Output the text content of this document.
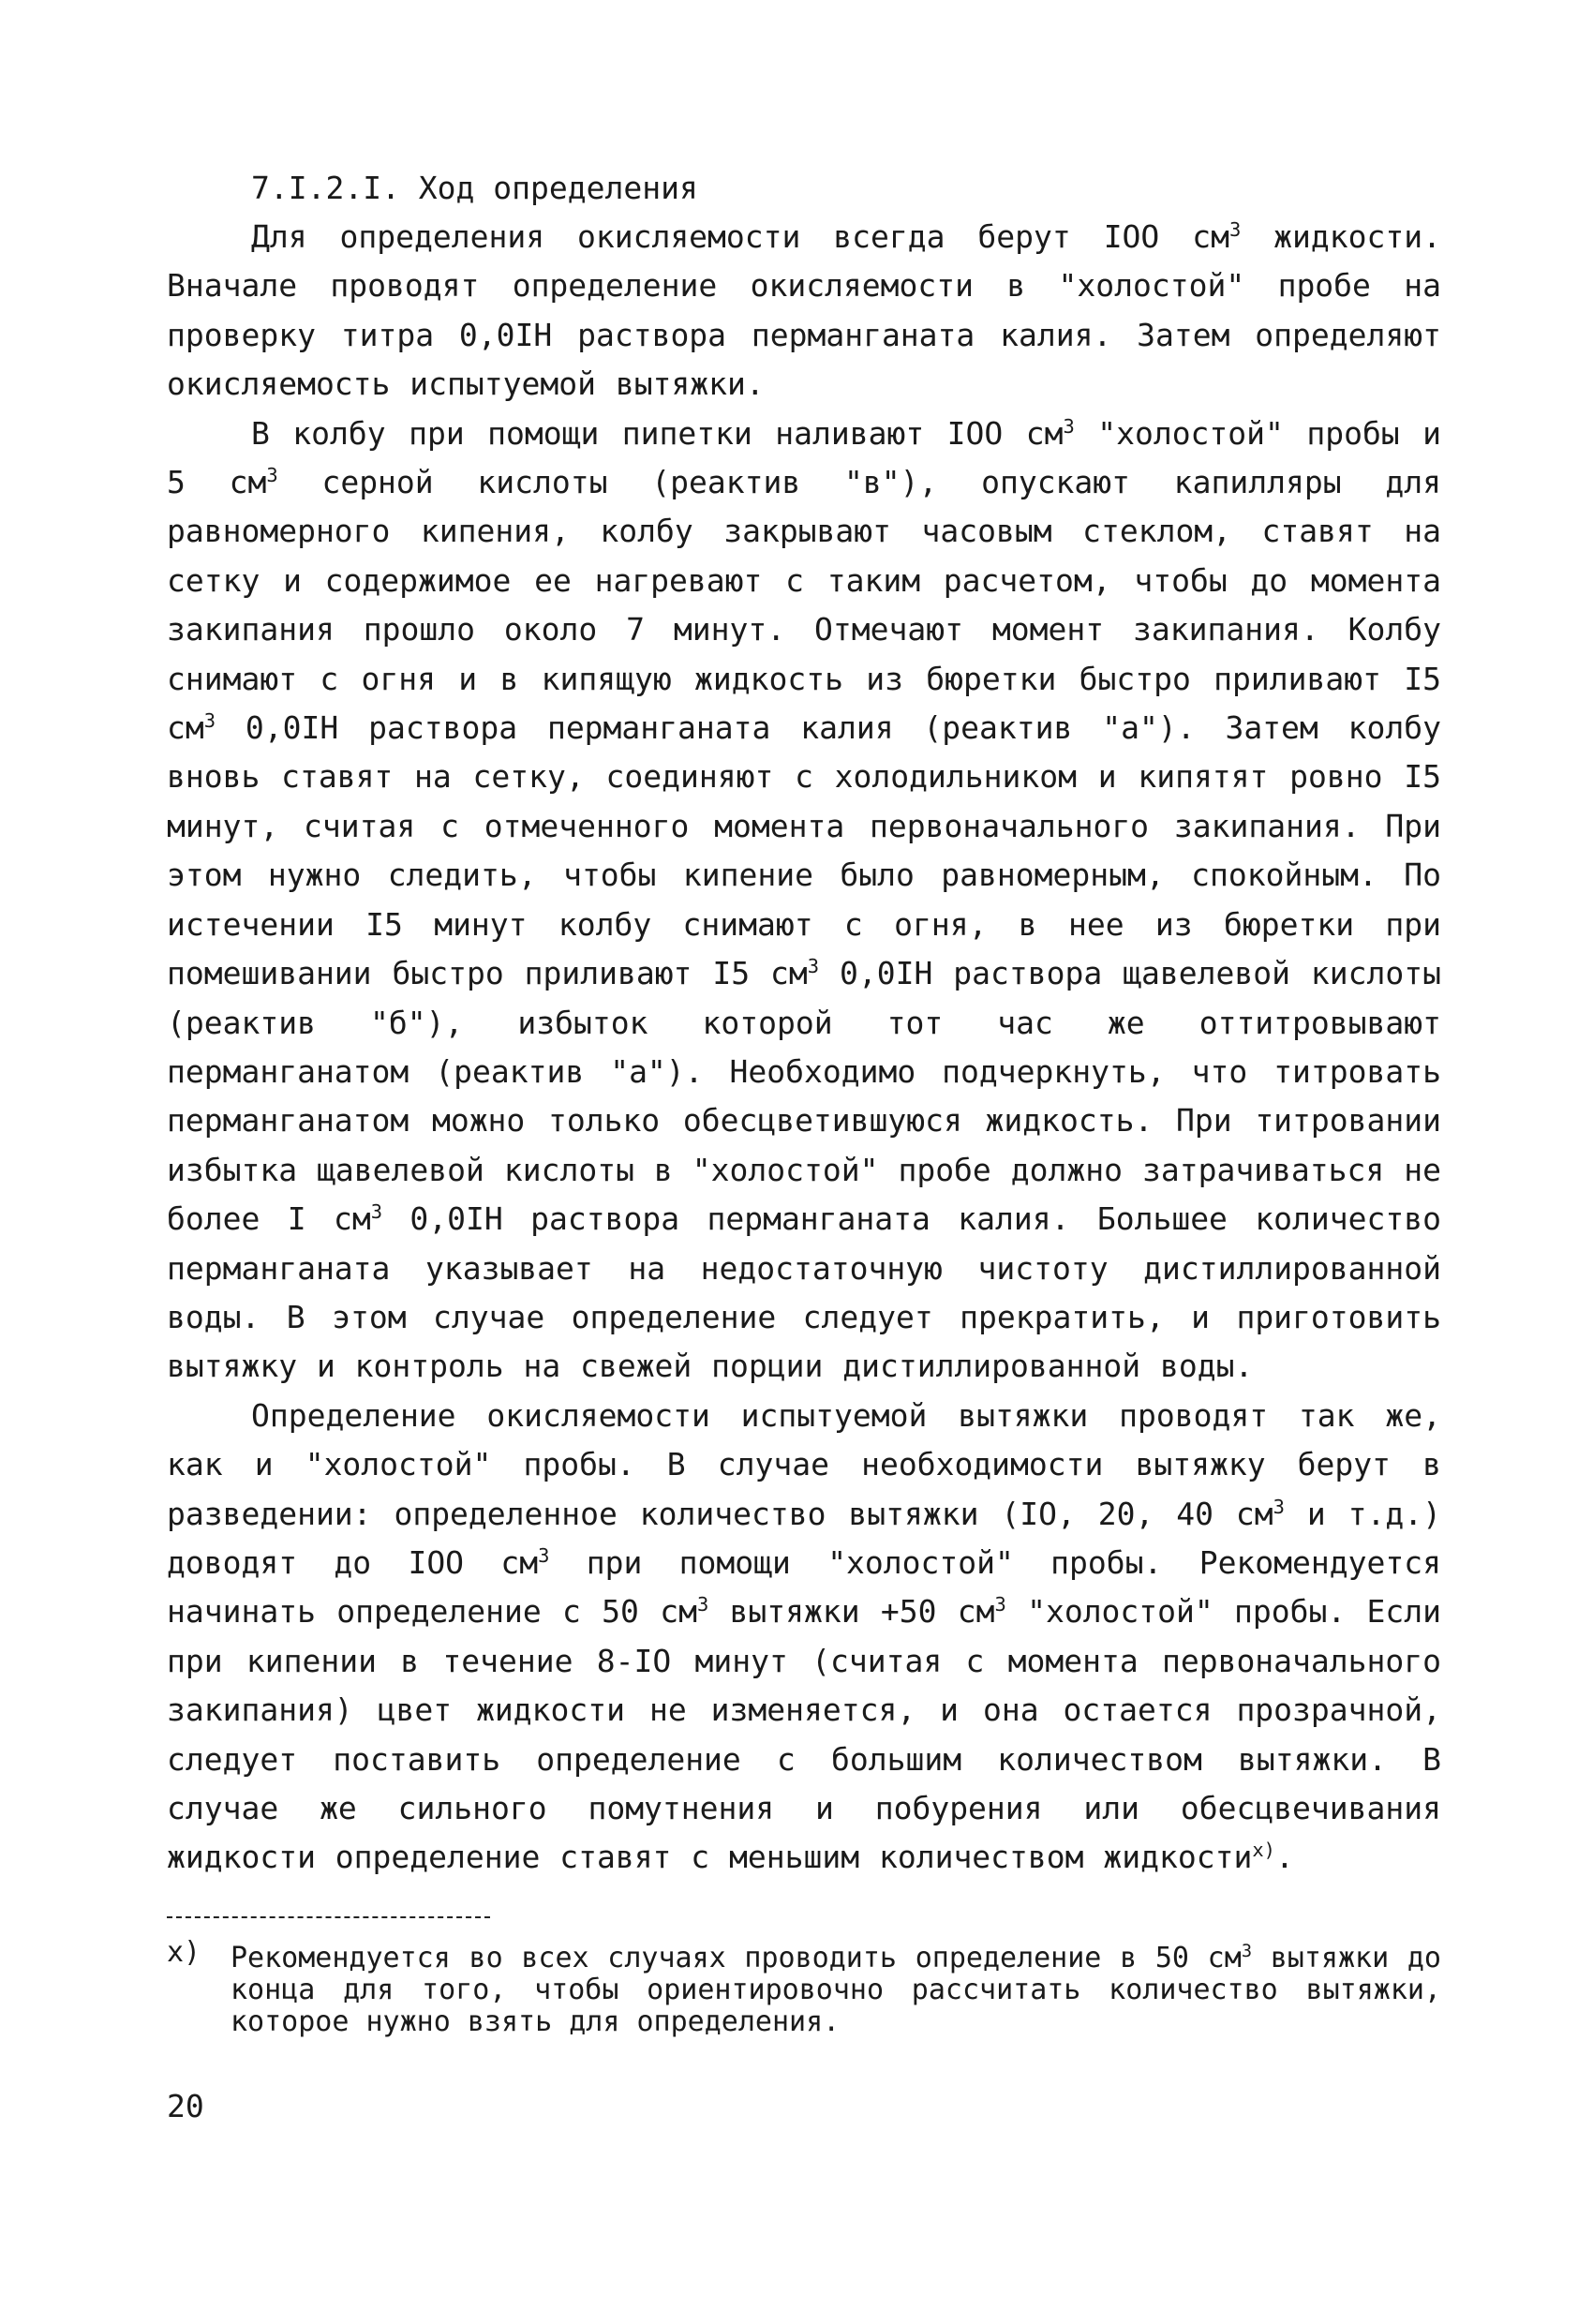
7.I.2.I. Ход определения

Для определения окисляемости всегда берут IOO $см^3$ жидкости. Вначале проводят определение окисляемости в "холостой" пробе на проверку титра 0,0IН раствора перманганата калия. Затем определяют окисляемость испытуемой вытяжки.

В колбу при помощи пипетки наливают IOO $см^3$ "холостой" пробы и 5 $см^3$ серной кислоты (реактив "в"), опускают капилляры для равномерного кипения, колбу закрывают часовым стеклом, ставят на сетку и содержимое ее нагревают с таким расчетом, чтобы до момента закипания прошло около 7 минут. Отмечают момент закипания. Колбу снимают с огня и в кипящую жидкость из бюретки быстро приливают I5 $см^3$ 0,0IН раствора перманганата калия (реактив "а"). Затем колбу вновь ставят на сетку, соединяют с холодильником и кипятят ровно I5 минут, считая с отмеченного момента первоначального закипания. При этом нужно следить, чтобы кипение было равномерным, спокойным. По истечении I5 минут колбу снимают с огня, в нее из бюретки при помешивании быстро приливают I5 $см^3$ 0,0IН раствора щавелевой кислоты (реактив "б"), избыток которой тот час же оттитровывают перманганатом (реактив "а"). Необходимо подчеркнуть, что титровать перманганатом можно только обесцветившуюся жидкость. При титровании избытка щавелевой кислоты в "холостой" пробе должно затрачиваться не более I $см^3$ 0,0IН раствора перманганата калия. Большее количество перманганата указывает на недостаточную чистоту дистиллированной воды. В этом случае определение следует прекратить, и приготовить вытяжку и контроль на свежей порции дистиллированной воды.

Определение окисляемости испытуемой вытяжки проводят так же, как и "холостой" пробы. В случае необходимости вытяжку берут в разведении: определенное количество вытяжки (IO, 20, 40 $см^3$ и т.д.) доводят до IOO $см^3$ при помощи "холостой" пробы. Рекомендуется начинать определение с 50 $см^3$ вытяжки +50 $см^3$ "холостой" пробы. Если при кипении в течение 8-IO минут (считая с момента первоначального закипания) цвет жидкости не изменяется, и она остается прозрачной, следует поставить определение с большим количеством вытяжки. В случае же сильного помутнения и побурения или обесцвечивания жидкости определение ставят с меньшим количеством жидкости$^{х)}$.

х)	Рекомендуется во всех случаях проводить определение в 50 $см^3$ вытяжки до конца для того, чтобы ориентировочно рассчитать количество вытяжки, которое нужно взять для определения.
20
